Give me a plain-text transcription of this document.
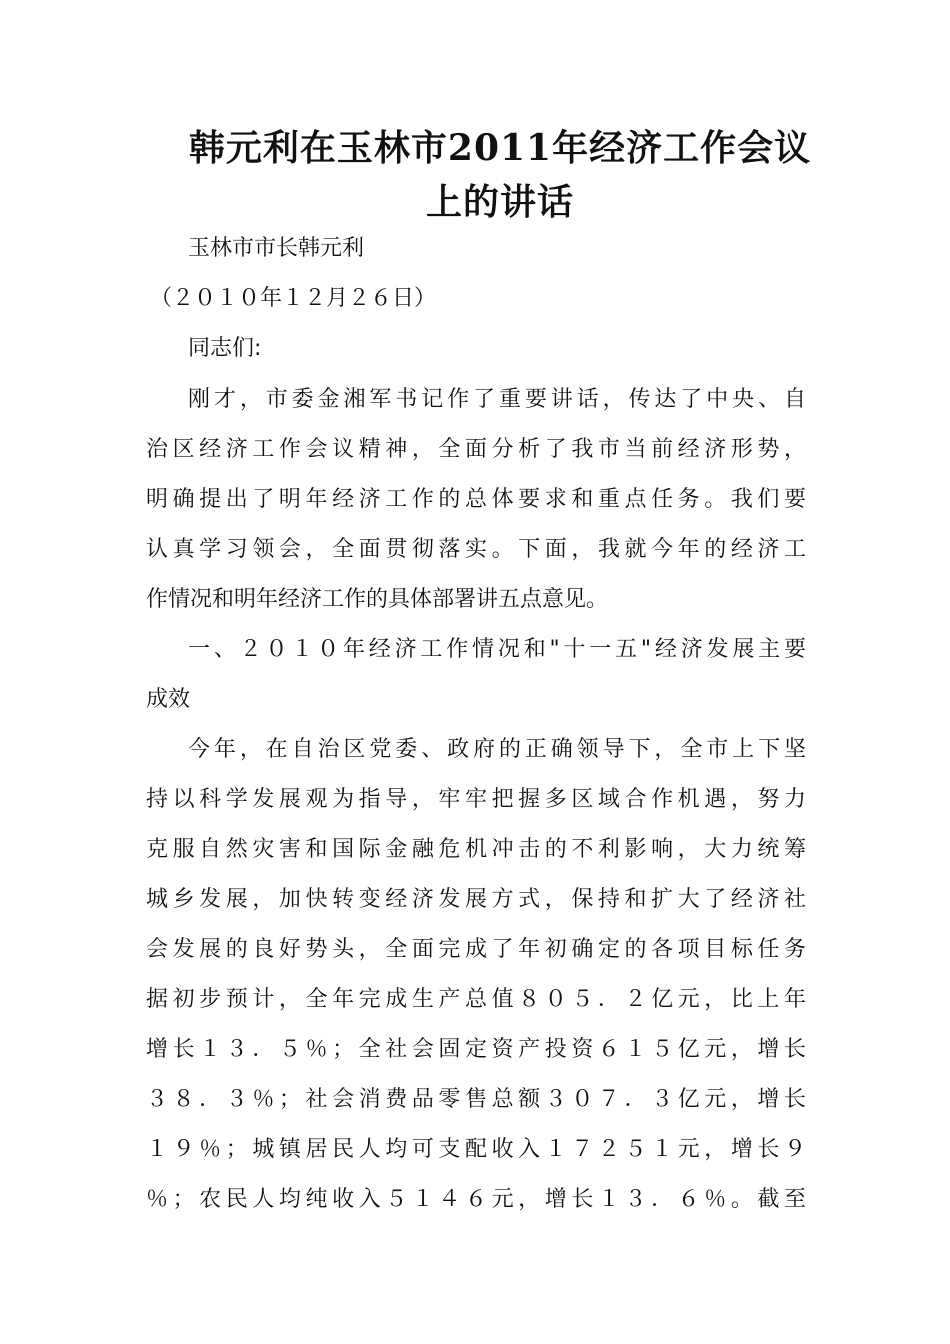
韩元利在玉林市2011年经济工作会议
上的讲话
玉林市市长韩元利
（２０１０年１２月２６日）
同志们:
刚才，市委金湘军书记作了重要讲话，传达了中央、自
治区经济工作会议精神，全面分析了我市当前经济形势，
明确提出了明年经济工作的总体要求和重点任务。我们要
认真学习领会，全面贯彻落实。下面，我就今年的经济工
作情况和明年经济工作的具体部署讲五点意见。
一、２０１０年经济工作情况和"十一五"经济发展主要
成效
今年，在自治区党委、政府的正确领导下，全市上下坚
持以科学发展观为指导，牢牢把握多区域合作机遇，努力
克服自然灾害和国际金融危机冲击的不利影响，大力统筹
城乡发展，加快转变经济发展方式，保持和扩大了经济社
会发展的良好势头，全面完成了年初确定的各项目标任务
据初步预计，全年完成生产总值８０５．２亿元，比上年
增长１３．５％；全社会固定资产投资６１５亿元，增长
３８．３％；社会消费品零售总额３０７．３亿元，增长
１９％；城镇居民人均可支配收入１７２５１元，增长９
％；农民人均纯收入５１４６元，增长１３．６％。截至
